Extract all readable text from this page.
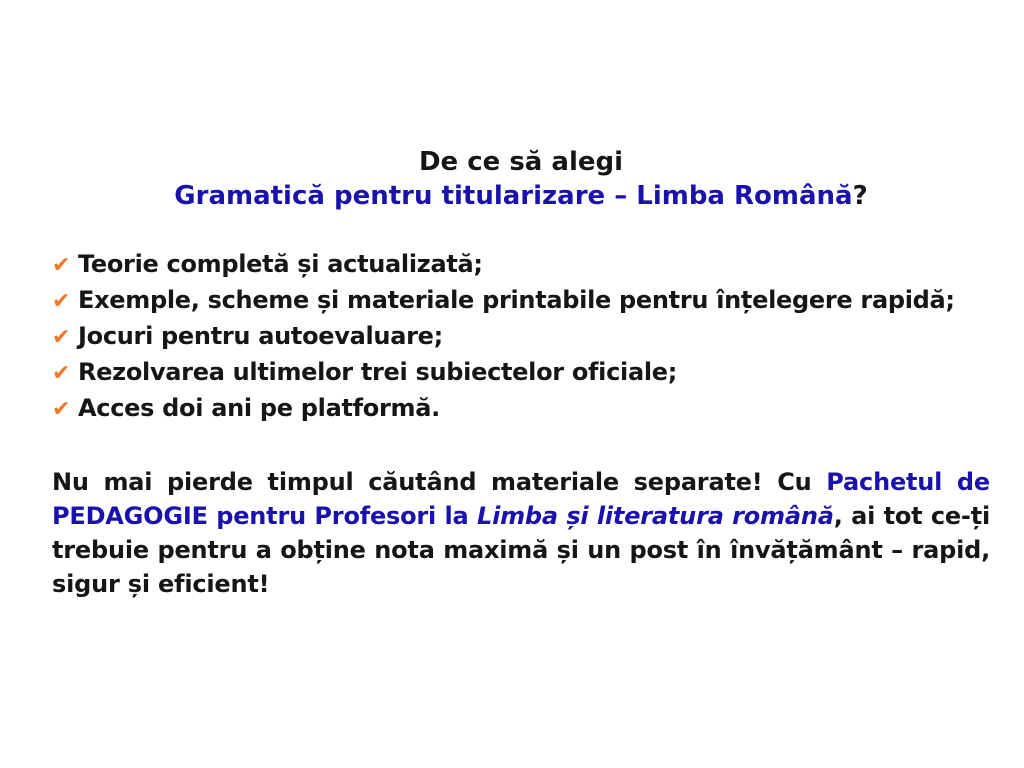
De ce să alegi
Gramatică pentru titularizare – Limba Română?
✔ Teorie completă și actualizată;
✔ Exemple, scheme și materiale printabile pentru înțelegere rapidă;
✔ Jocuri pentru autoevaluare;
✔ Rezolvarea ultimelor trei subiectelor oficiale;
✔ Acces doi ani pe platformă.

Nu mai pierde timpul căutând materiale separate! Cu Pachetul de PEDAGOGIE pentru Profesori la Limba și literatura română, ai tot ce-ți trebuie pentru a obține nota maximă și un post în învățământ – rapid, sigur și eficient!
